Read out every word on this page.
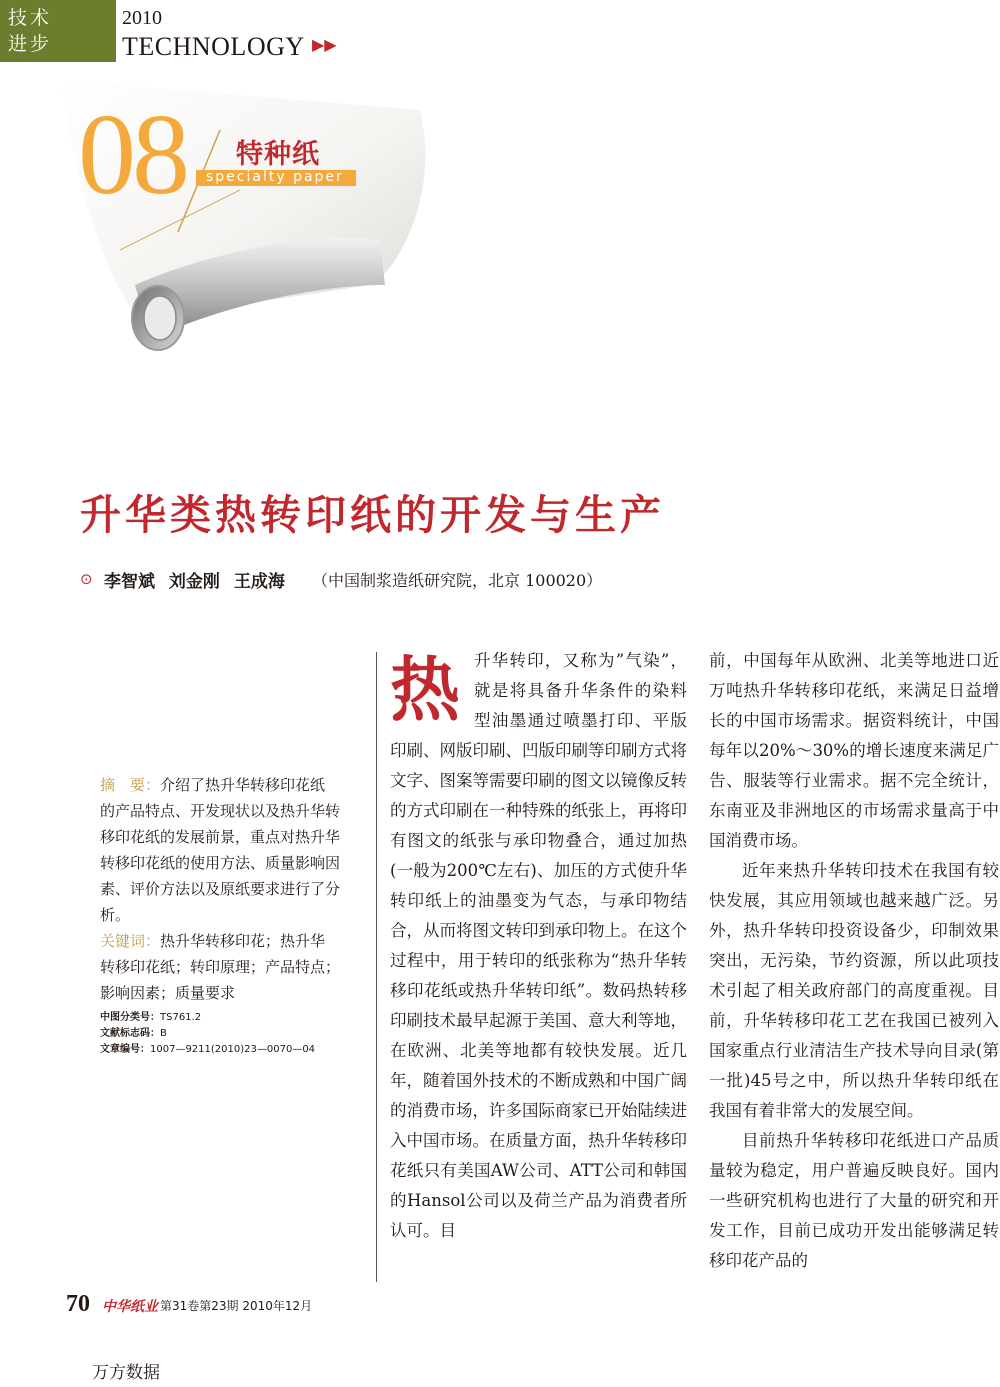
技术
进步
2010
TECHNOLOGY ▶▶
08 特种纸
specialty paper
升华类热转印纸的开发与生产
⊙ 李智斌 刘金刚 王成海 （中国制浆造纸研究院，北京 100020）
摘　要：介绍了热升华转移印花纸的产品特点、开发现状以及热升华转移印花纸的发展前景，重点对热升华转移印花纸的使用方法、质量影响因素、评价方法以及原纸要求进行了分析。
关键词：热升华转移印花；热升华转移印花纸；转印原理；产品特点；影响因素；质量要求
中图分类号：TS761.2
文献标志码：B
文章编号：1007—9211(2010)23—0070—04
热 升华转印，又称为”气染”，就是将具备升华条件的染料型油墨通过喷墨打印、平版印刷、网版印刷、凹版印刷等印刷方式将文字、图案等需要印刷的图文以镜像反转的方式印刷在一种特殊的纸张上，再将印有图文的纸张与承印物叠合，通过加热(一般为200℃左右)、加压的方式使升华转印纸上的油墨变为气态，与承印物结合，从而将图文转印到承印物上。在这个过程中，用于转印的纸张称为“热升华转移印花纸或热升华转印纸”。数码热转移印刷技术最早起源于美国、意大利等地，在欧洲、北美等地都有较快发展。近几年，随着国外技术的不断成熟和中国广阔的消费市场，许多国际商家已开始陆续进入中国市场。在质量方面，热升华转移印花纸只有美国AW公司、ATT公司和韩国的Hansol公司以及荷兰产品为消费者所认可。目

前，中国每年从欧洲、北美等地进口近万吨热升华转移印花纸，来满足日益增长的中国市场需求。据资料统计，中国每年以20%～30%的增长速度来满足广告、服装等行业需求。据不完全统计，东南亚及非洲地区的市场需求量高于中国消费市场。

近年来热升华转印技术在我国有较快发展，其应用领域也越来越广泛。另外，热升华转印投资设备少，印制效果突出，无污染，节约资源，所以此项技术引起了相关政府部门的高度重视。目前，升华转移印花工艺在我国已被列入国家重点行业清洁生产技术导向目录(第一批)45号之中，所以热升华转印纸在我国有着非常大的发展空间。

目前热升华转移印花纸进口产品质量较为稳定，用户普遍反映良好。国内一些研究机构也进行了大量的研究和开发工作，目前已成功开发出能够满足转移印花产品的

70 中华纸业 第31卷第23期 2010年12月
万方数据
